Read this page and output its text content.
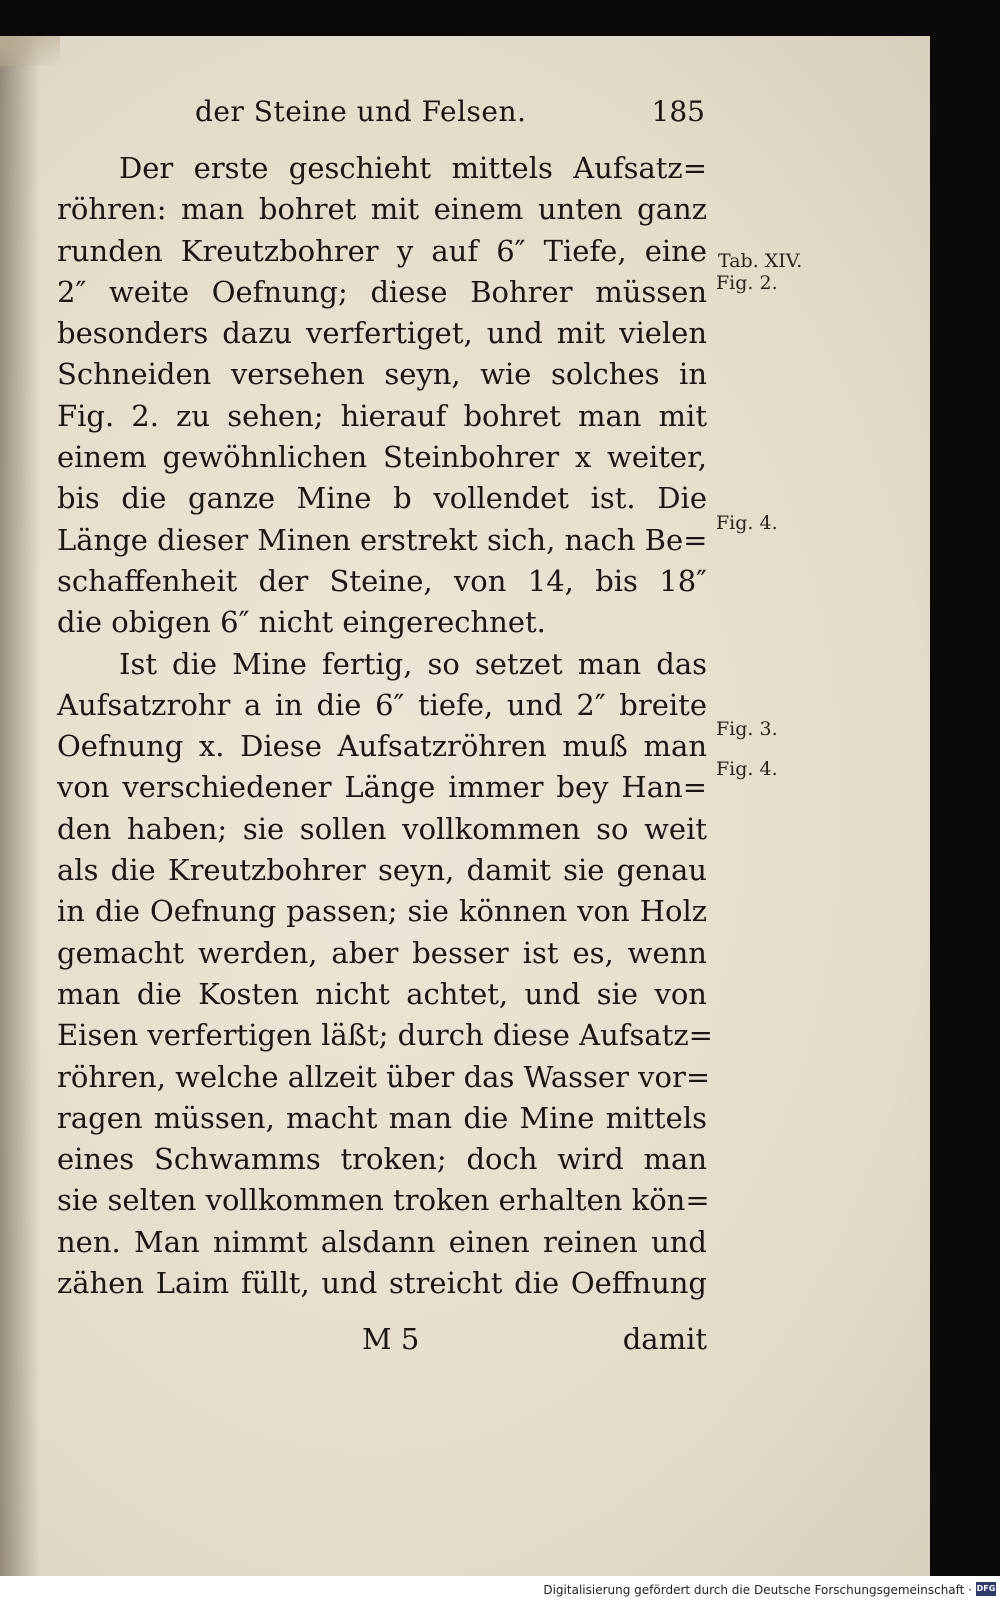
der Steine und Felsen.	185
Der erste geschieht mittels Aufsatz=
röhren: man bohret mit einem unten ganz
runden Kreutzbohrer y auf 6″ Tiefe, eine
2″ weite Oefnung; diese Bohrer müssen
besonders dazu verfertiget, und mit vielen
Schneiden versehen seyn, wie solches in
Fig. 2. zu sehen; hierauf bohret man mit
einem gewöhnlichen Steinbohrer x weiter,
bis die ganze Mine b vollendet ist. Die
Länge dieser Minen erstrekt sich, nach Be=
schaffenheit der Steine, von 14, bis 18″
die obigen 6″ nicht eingerechnet.
Ist die Mine fertig, so setzet man das
Aufsatzrohr a in die 6″ tiefe, und 2″ breite
Oefnung x. Diese Aufsatzröhren muß man
von verschiedener Länge immer bey Han=
den haben; sie sollen vollkommen so weit
als die Kreutzbohrer seyn, damit sie genau
in die Oefnung passen; sie können von Holz
gemacht werden, aber besser ist es, wenn
man die Kosten nicht achtet, und sie von
Eisen verfertigen läßt; durch diese Aufsatz=
röhren, welche allzeit über das Wasser vor=
ragen müssen, macht man die Mine mittels
eines Schwamms troken; doch wird man
sie selten vollkommen troken erhalten kön=
nen. Man nimmt alsdann einen reinen und
zähen Laim füllt, und streicht die Oeffnung
Tab. XIV.
Fig. 2.
Fig. 4.
Fig. 3.
Fig. 4.
M 5	damit
Digitalisierung gefördert durch die Deutsche Forschungsgemeinschaft · DFG
